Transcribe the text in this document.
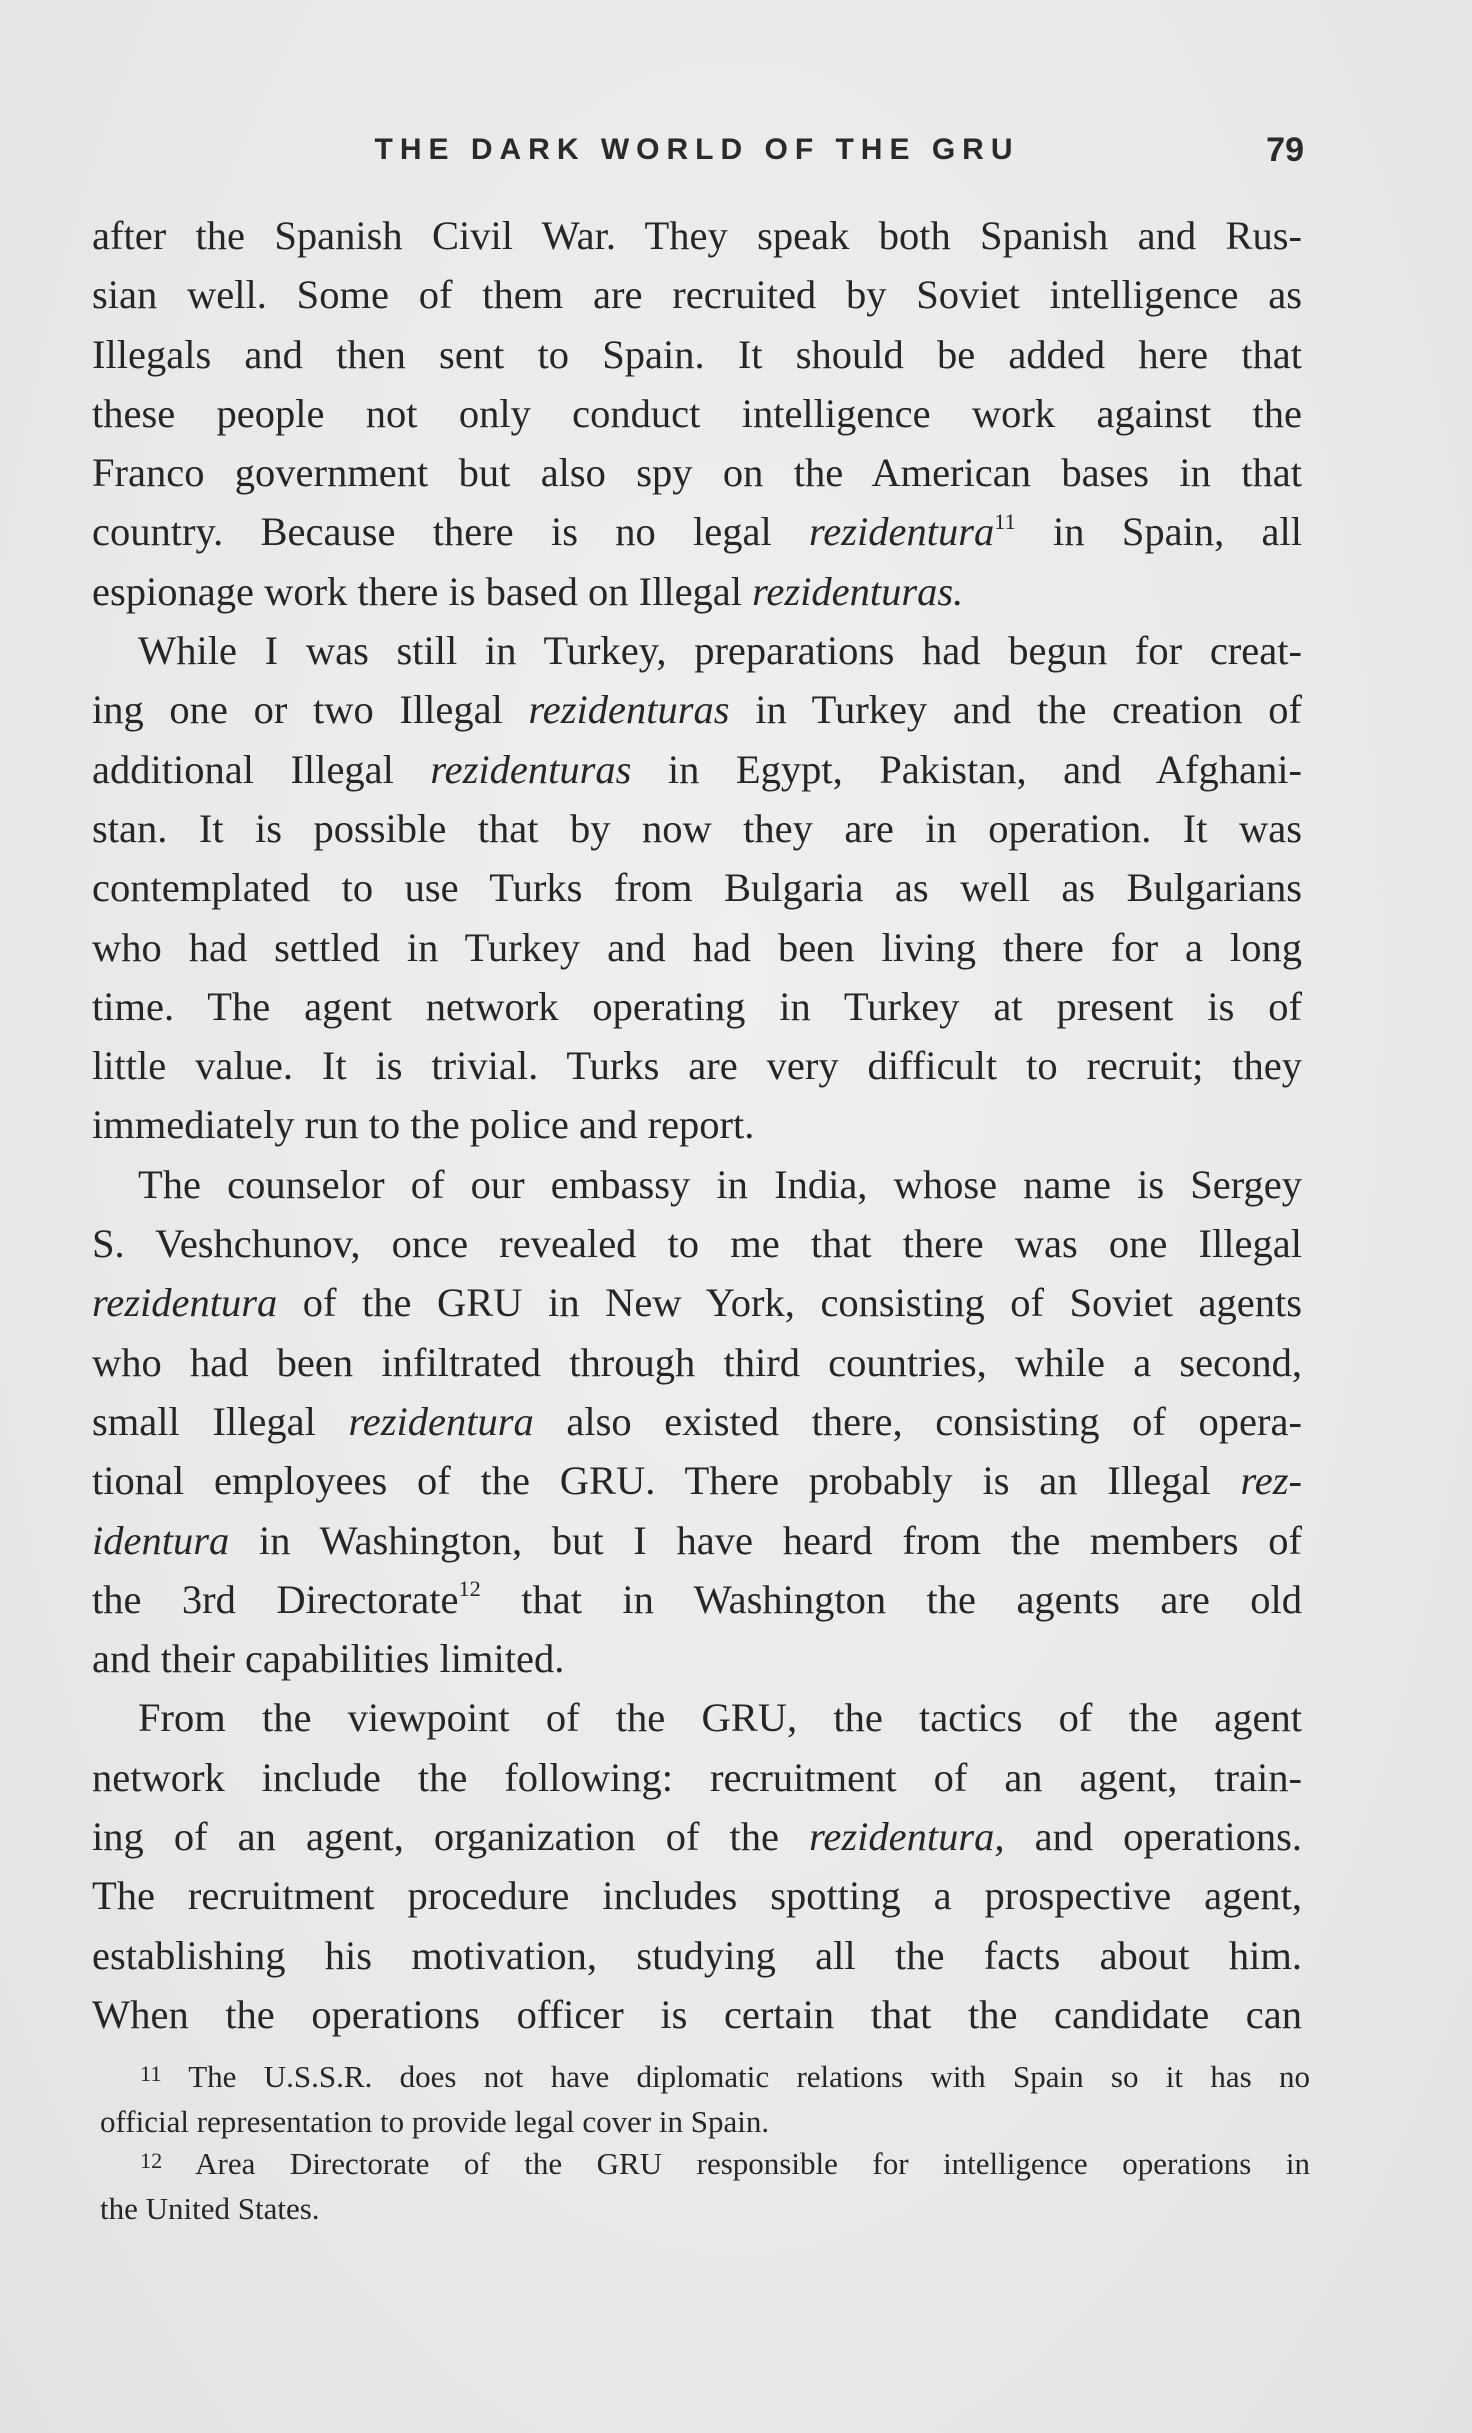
THE DARK WORLD OF THE GRU	79

after the Spanish Civil War. They speak both Spanish and Rus-
sian well. Some of them are recruited by Soviet intelligence as
Illegals and then sent to Spain. It should be added here that
these people not only conduct intelligence work against the
Franco government but also spy on the American bases in that
country. Because there is no legal rezidentura$^{11}$ in Spain, all
espionage work there is based on Illegal rezidenturas.

While I was still in Turkey, preparations had begun for creat-
ing one or two Illegal rezidenturas in Turkey and the creation of
additional Illegal rezidenturas in Egypt, Pakistan, and Afghani-
stan. It is possible that by now they are in operation. It was
contemplated to use Turks from Bulgaria as well as Bulgarians
who had settled in Turkey and had been living there for a long
time. The agent network operating in Turkey at present is of
little value. It is trivial. Turks are very difficult to recruit; they
immediately run to the police and report.

The counselor of our embassy in India, whose name is Sergey
S. Veshchunov, once revealed to me that there was one Illegal
rezidentura of the GRU in New York, consisting of Soviet agents
who had been infiltrated through third countries, while a second,
small Illegal rezidentura also existed there, consisting of opera-
tional employees of the GRU. There probably is an Illegal rez-
identura in Washington, but I have heard from the members of
the 3rd Directorate$^{12}$ that in Washington the agents are old
and their capabilities limited.

From the viewpoint of the GRU, the tactics of the agent
network include the following: recruitment of an agent, train-
ing of an agent, organization of the rezidentura, and operations.
The recruitment procedure includes spotting a prospective agent,
establishing his motivation, studying all the facts about him.
When the operations officer is certain that the candidate can

11 The U.S.S.R. does not have diplomatic relations with Spain so it has no
official representation to provide legal cover in Spain.
12 Area Directorate of the GRU responsible for intelligence operations in
the United States.
